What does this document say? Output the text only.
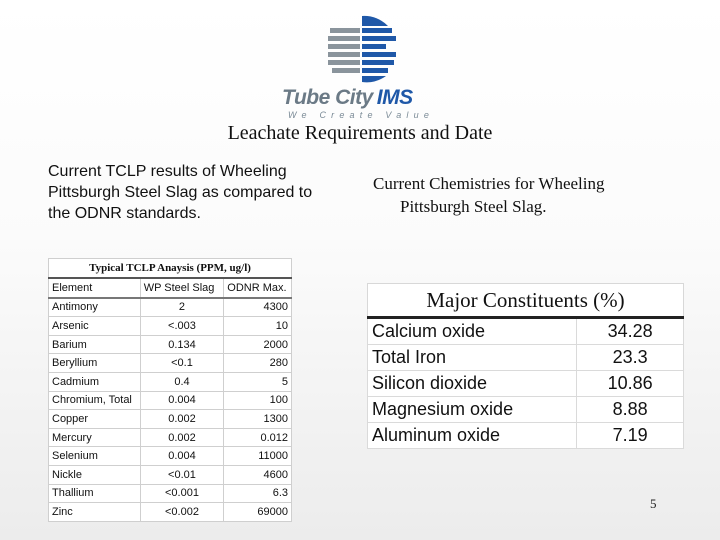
Tube City IMS
We Create Value
Leachate Requirements and Date
Current TCLP results of Wheeling Pittsburgh Steel Slag as compared to the ODNR standards.
Current Chemistries for Wheeling
Pittsburgh Steel Slag.
Typical TCLP Anaysis (PPM, ug/l)		
Element	WP Steel Slag	ODNR Max.
Antimony	2	4300
Arsenic	<.003	10
Barium	0.134	2000
Beryllium	<0.1	280
Cadmium	0.4	5
Chromium, Total	0.004	100
Copper	0.002	1300
Mercury	0.002	0.012
Selenium	0.004	11000
Nickle	<0.01	4600
Thallium	<0.001	6.3
Zinc	<0.002	69000
Major Constituents (%)	
Calcium oxide	34.28
Total Iron	23.3
Silicon dioxide	10.86
Magnesium oxide	8.88
Aluminum oxide	7.19
5
